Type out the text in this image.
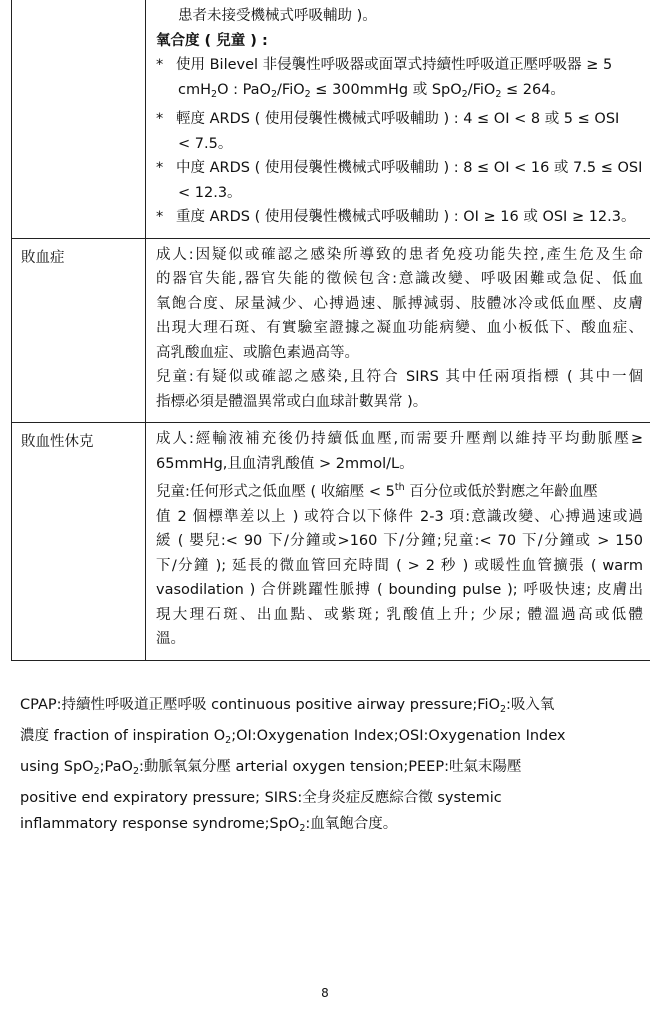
患者未接受機械式呼吸輔助 )。
氧合度 ( 兒童 ) :
* 使用 Bilevel 非侵襲性呼吸器或面罩式持續性呼吸道正壓呼吸器 ≥ 5
cmH$_2$O : PaO$_2$/FiO$_2$ ≤ 300mmHg 或 SpO$_2$/FiO$_2$ ≤ 264。
* 輕度 ARDS ( 使用侵襲性機械式呼吸輔助 ) : 4 ≤ OI < 8 或 5 ≤ OSI
< 7.5。
* 中度 ARDS ( 使用侵襲性機械式呼吸輔助 ) : 8 ≤ OI < 16 或 7.5 ≤ OSI
< 12.3。
* 重度 ARDS ( 使用侵襲性機械式呼吸輔助 ) : OI ≥ 16 或 OSI ≥ 12.3。
敗血症	成人:因疑似或確認之感染所導致的患者免疫功能失控,產生危及生命
的器官失能,器官失能的徵候包含:意識改變、呼吸困難或急促、低血
氧飽合度、尿量減少、心搏過速、脈搏減弱、肢體冰冷或低血壓、皮膚
出現大理石斑、有實驗室證據之凝血功能病變、血小板低下、酸血症、
高乳酸血症、或膽色素過高等。
兒童:有疑似或確認之感染,且符合 SIRS 其中任兩項指標 ( 其中一個
指標必須是體溫異常或白血球計數異常 )。
敗血性休克	成人:經輸液補充後仍持續低血壓,而需要升壓劑以維持平均動脈壓≥
65mmHg,且血清乳酸值 > 2mmol/L。
兒童:任何形式之低血壓 ( 收縮壓 < 5th 百分位或低於對應之年齡血壓
值 2 個標準差以上 ) 或符合以下條件 2-3 項:意識改變、心搏過速或過
緩 ( 嬰兒:< 90 下/分鐘或>160 下/分鐘;兒童:< 70 下/分鐘或 > 150
下/分鐘 ); 延長的微血管回充時間 ( > 2 秒 ) 或暖性血管擴張 ( warm
vasodilation ) 合併跳躍性脈搏 ( bounding pulse ); 呼吸快速; 皮膚出
現大理石斑、出血點、或紫斑; 乳酸值上升; 少尿; 體溫過高或低體
溫。
CPAP:持續性呼吸道正壓呼吸 continuous positive airway pressure;FiO$_2$:吸入氧
濃度 fraction of inspiration $O_2;OI:Oxygenation$ Index;OSI:Oxygenation Index
using SpO$_2$;PaO$_2$:動脈氧氣分壓 arterial oxygen tension;PEEP:吐氣末陽壓
positive end expiratory pressure; SIRS:全身炎症反應綜合徵 systemic
inflammatory response syndrome;SpO$_2$:血氧飽合度。
8
